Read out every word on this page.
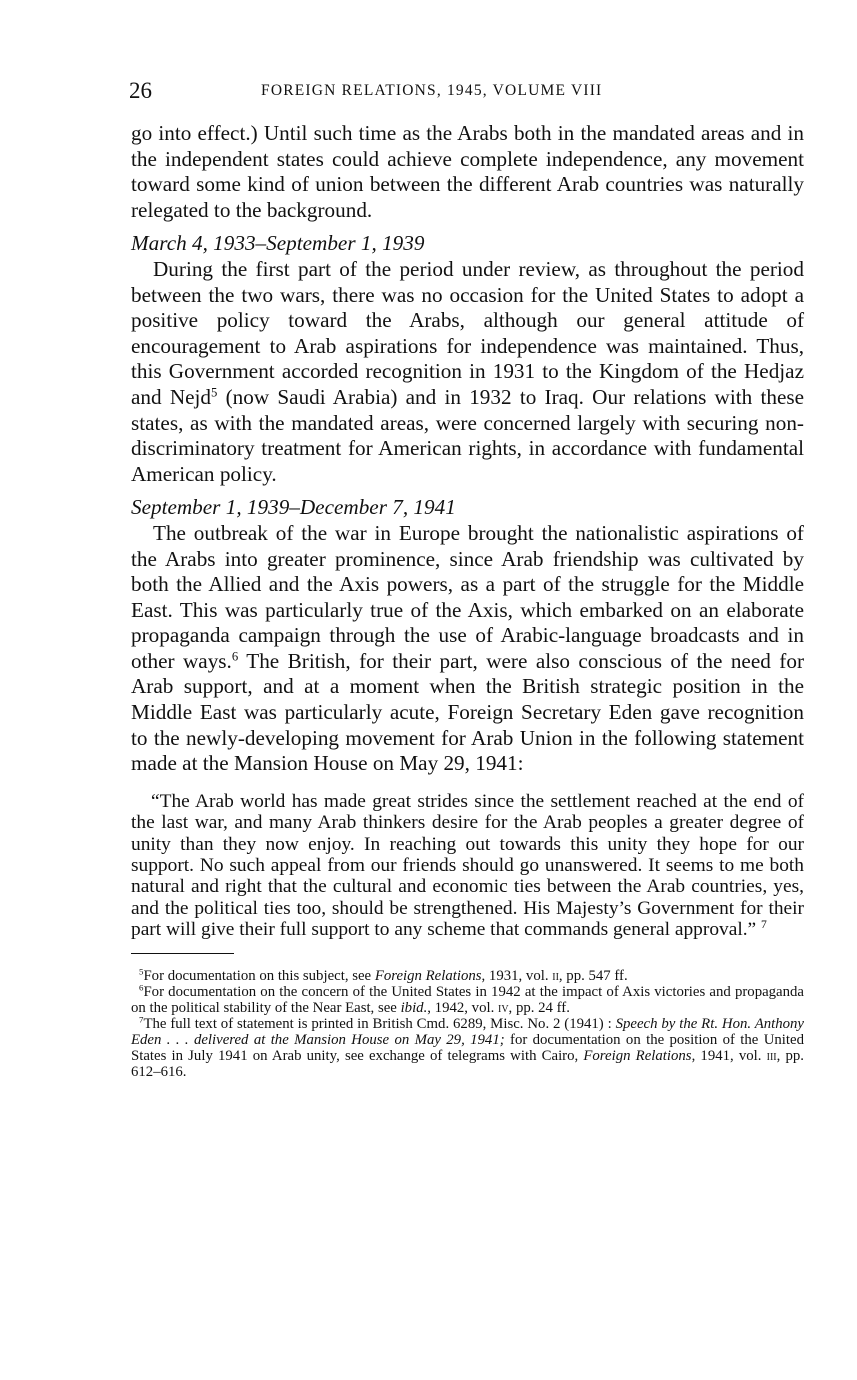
26	FOREIGN RELATIONS, 1945, VOLUME VIII

go into effect.) Until such time as the Arabs both in the mandated areas and in the independent states could achieve complete independence, any movement toward some kind of union between the different Arab countries was naturally relegated to the background.

March 4, 1933–September 1, 1939

During the first part of the period under review, as throughout the period between the two wars, there was no occasion for the United States to adopt a positive policy toward the Arabs, although our general attitude of encouragement to Arab aspirations for independence was maintained. Thus, this Government accorded recognition in 1931 to the Kingdom of the Hedjaz and Nejd$^5$ (now Saudi Arabia) and in 1932 to Iraq. Our relations with these states, as with the mandated areas, were concerned largely with securing non-discriminatory treatment for American rights, in accordance with fundamental American policy.

September 1, 1939–December 7, 1941

The outbreak of the war in Europe brought the nationalistic aspirations of the Arabs into greater prominence, since Arab friendship was cultivated by both the Allied and the Axis powers, as a part of the struggle for the Middle East. This was particularly true of the Axis, which embarked on an elaborate propaganda campaign through the use of Arabic-language broadcasts and in other ways.$^6$ The British, for their part, were also conscious of the need for Arab support, and at a moment when the British strategic position in the Middle East was particularly acute, Foreign Secretary Eden gave recognition to the newly-developing movement for Arab Union in the following statement made at the Mansion House on May 29, 1941:

“The Arab world has made great strides since the settlement reached at the end of the last war, and many Arab thinkers desire for the Arab peoples a greater degree of unity than they now enjoy. In reaching out towards this unity they hope for our support. No such appeal from our friends should go unanswered. It seems to me both natural and right that the cultural and economic ties between the Arab countries, yes, and the political ties too, should be strengthened. His Majesty’s Government for their part will give their full support to any scheme that commands general approval.” $^7$

$^5$For documentation on this subject, see Foreign Relations, 1931, vol. ii, pp. 547 ff.

$^6$For documentation on the concern of the United States in 1942 at the impact of Axis victories and propaganda on the political stability of the Near East, see ibid., 1942, vol. iv, pp. 24 ff.

$^7$The full text of statement is printed in British Cmd. 6289, Misc. No. 2 (1941) : Speech by the Rt. Hon. Anthony Eden . . . delivered at the Mansion House on May 29, 1941; for documentation on the position of the United States in July 1941 on Arab unity, see exchange of telegrams with Cairo, Foreign Relations, 1941, vol. iii, pp. 612–616.
